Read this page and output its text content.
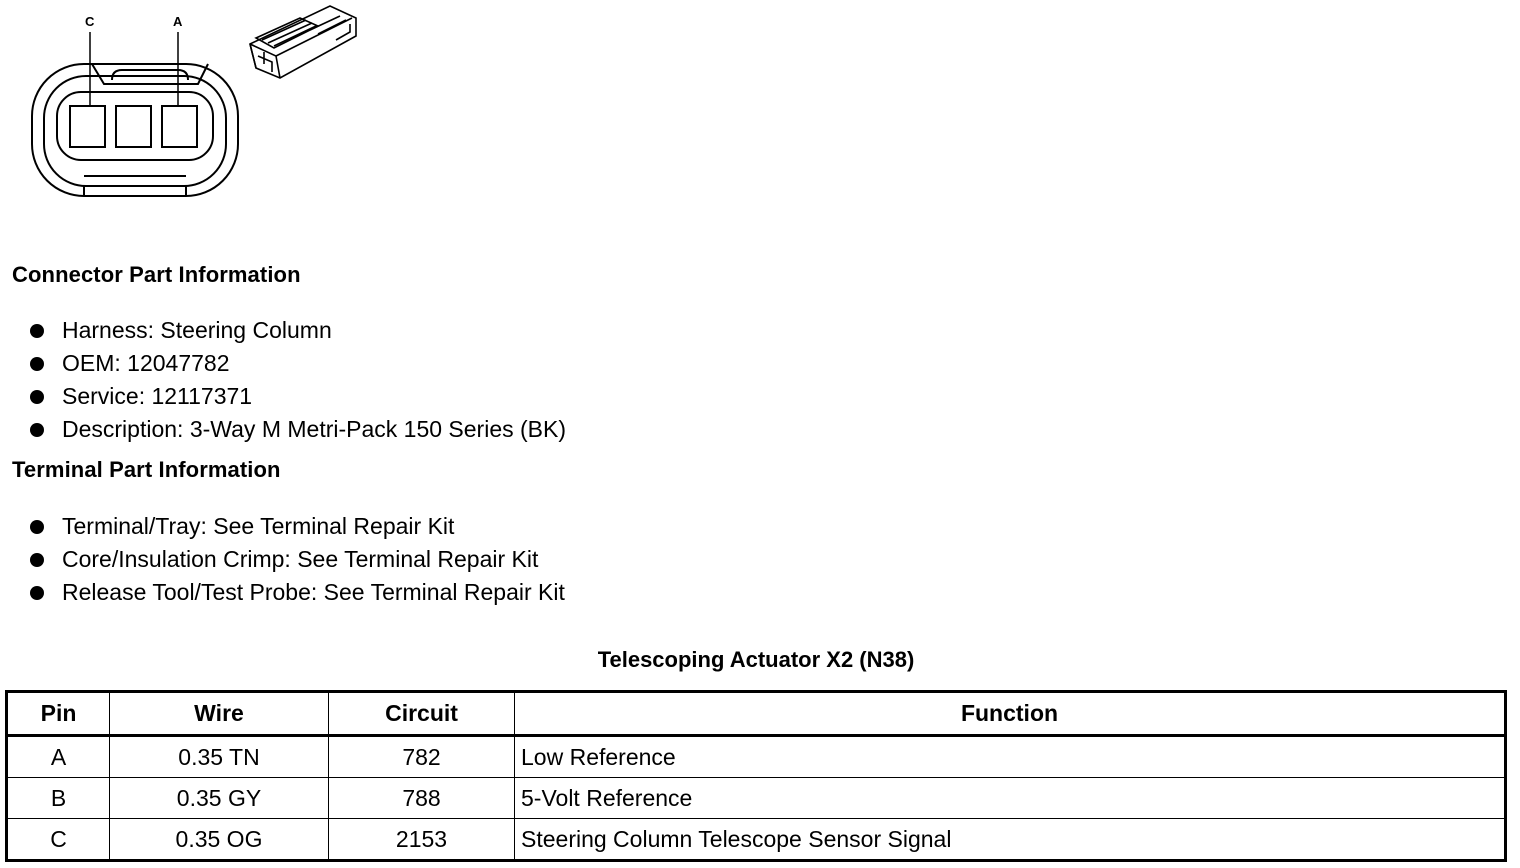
C	A
Connector Part Information
Harness: Steering Column
OEM: 12047782
Service: 12117371
Description: 3-Way M Metri-Pack 150 Series (BK)
Terminal Part Information
Terminal/Tray: See Terminal Repair Kit
Core/Insulation Crimp: See Terminal Repair Kit
Release Tool/Test Probe: See Terminal Repair Kit
Telescoping Actuator X2 (N38)
Pin	Wire	Circuit	Function
A	0.35 TN	782	Low Reference
B	0.35 GY	788	5-Volt Reference
C	0.35 OG	2153	Steering Column Telescope Sensor Signal
